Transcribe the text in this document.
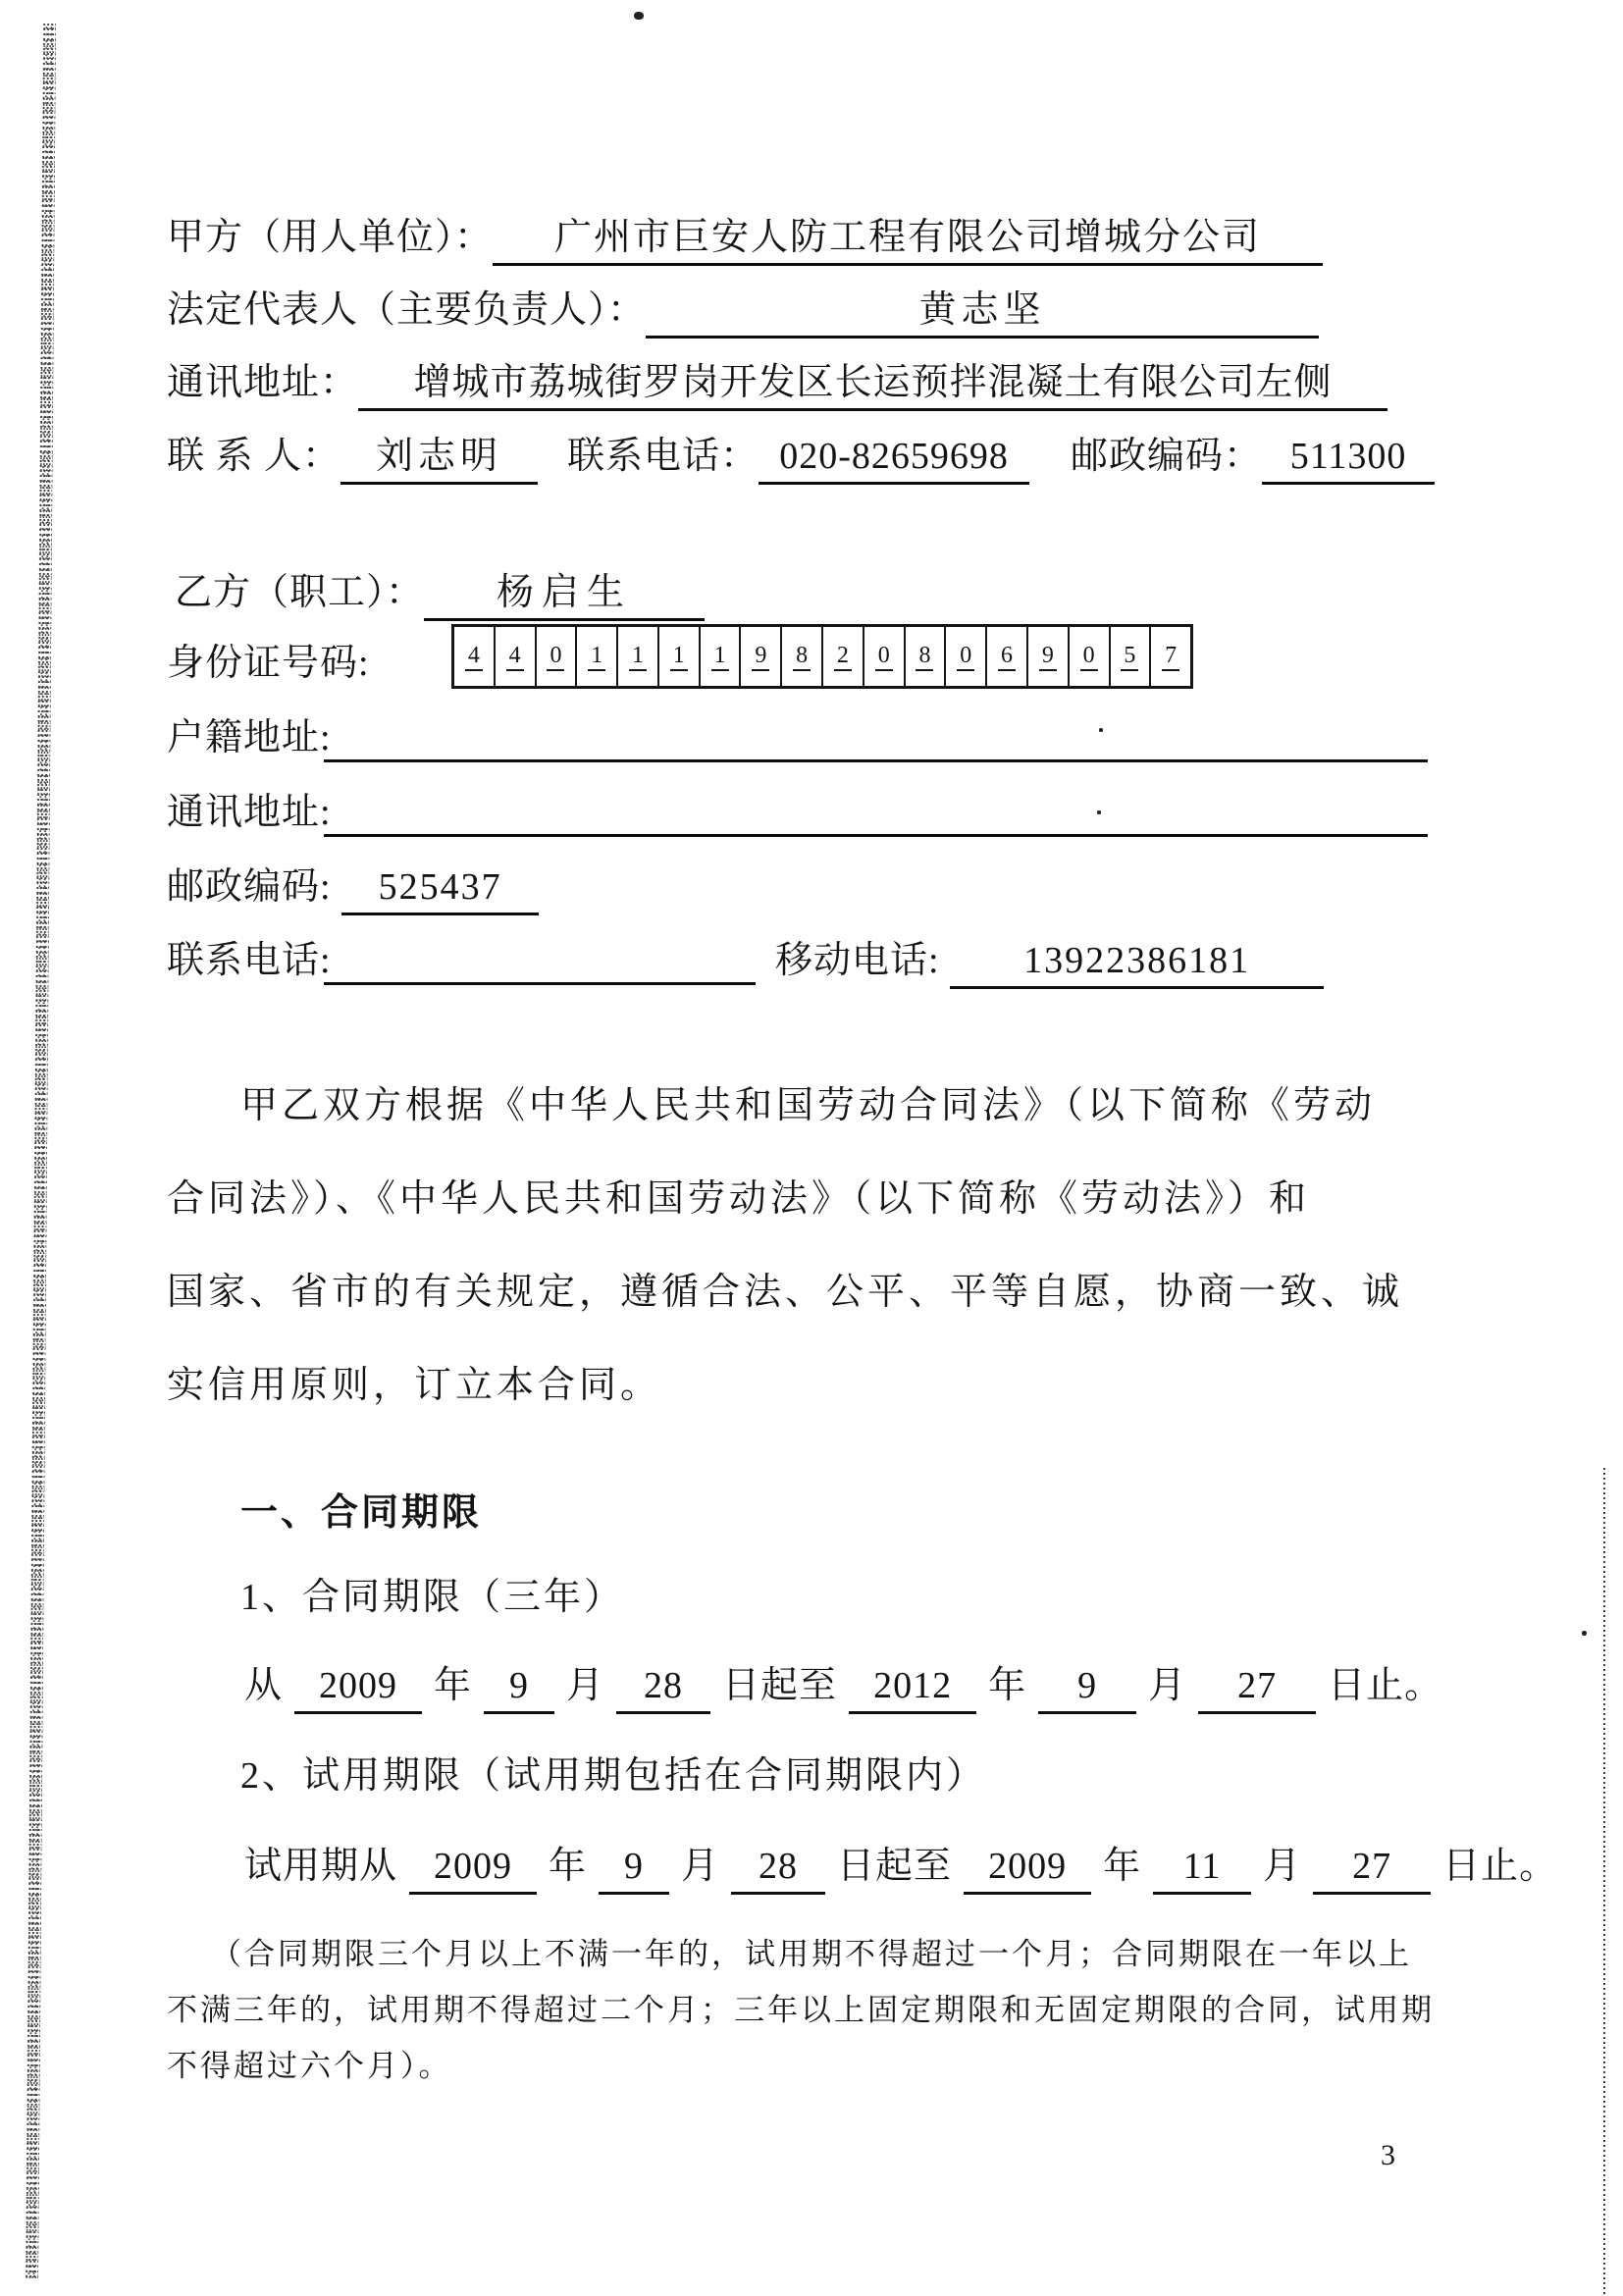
甲方（用人单位）： 广州市巨安人防工程有限公司增城分公司
法定代表人（主要负责人）：	黄志坚
通讯地址： 增城市荔城街罗岗开发区长运预拌混凝土有限公司左侧
联 系 人： 刘志明 联系电话： 020-82659698 邮政编码： 511300
乙方（职工）： 杨启生
身份证号码:	4 4 0 1 1 1 1 9 8 2 0 8 0 6 9 0 5 7
户籍地址:
通讯地址:
邮政编码: 525437
联系电话:	移动电话: 13922386181
甲乙双方根据《中华人民共和国劳动合同法》（以下简称《劳动
合同法》）、《中华人民共和国劳动法》（以下简称《劳动法》）和
国家、省市的有关规定，遵循合法、公平、平等自愿，协商一致、诚
实信用原则，订立本合同。
一、合同期限
1、合同期限（三年）
从 2009 年 9 月 28 日起至 2012 年 9 月 27 日止。
2、试用期限（试用期包括在合同期限内）
试用期从 2009 年 9 月 28 日起至 2009 年 11 月 27 日止。
（合同期限三个月以上不满一年的，试用期不得超过一个月；合同期限在一年以上
不满三年的，试用期不得超过二个月；三年以上固定期限和无固定期限的合同，试用期
不得超过六个月）。
3
